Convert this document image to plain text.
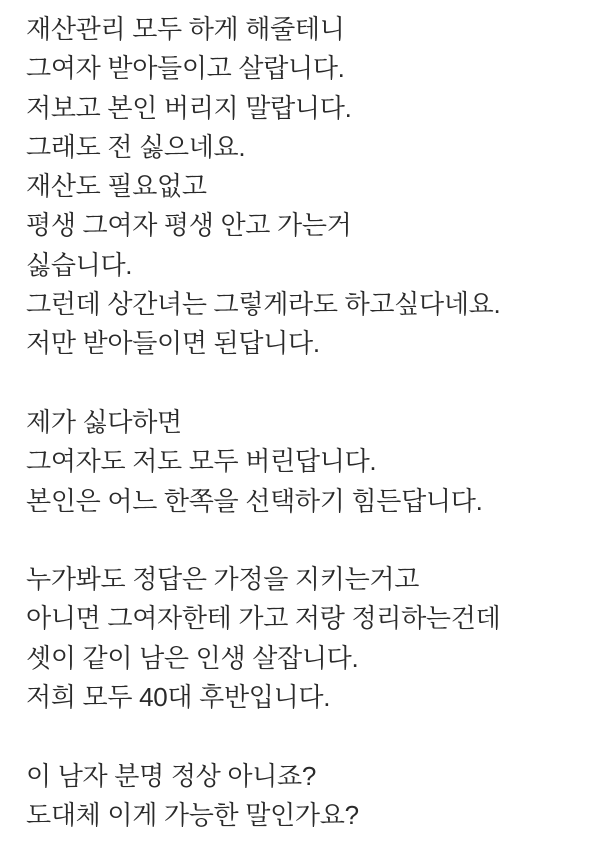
재산관리 모두 하게 해줄테니
그여자 받아들이고 살랍니다.
저보고 본인 버리지 말랍니다.
그래도 전 싫으네요.
재산도 필요없고
평생 그여자 평생 안고 가는거
싫습니다.
그런데 상간녀는 그렇게라도 하고싶다네요.
저만 받아들이면 된답니다.
제가 싫다하면
그여자도 저도 모두 버린답니다.
본인은 어느 한쪽을 선택하기 힘든답니다.
누가봐도 정답은 가정을 지키는거고
아니면 그여자한테 가고 저랑 정리하는건데
셋이 같이 남은 인생 살잡니다.
저희 모두 40대 후반입니다.
이 남자 분명 정상 아니죠?
도대체 이게 가능한 말인가요?
